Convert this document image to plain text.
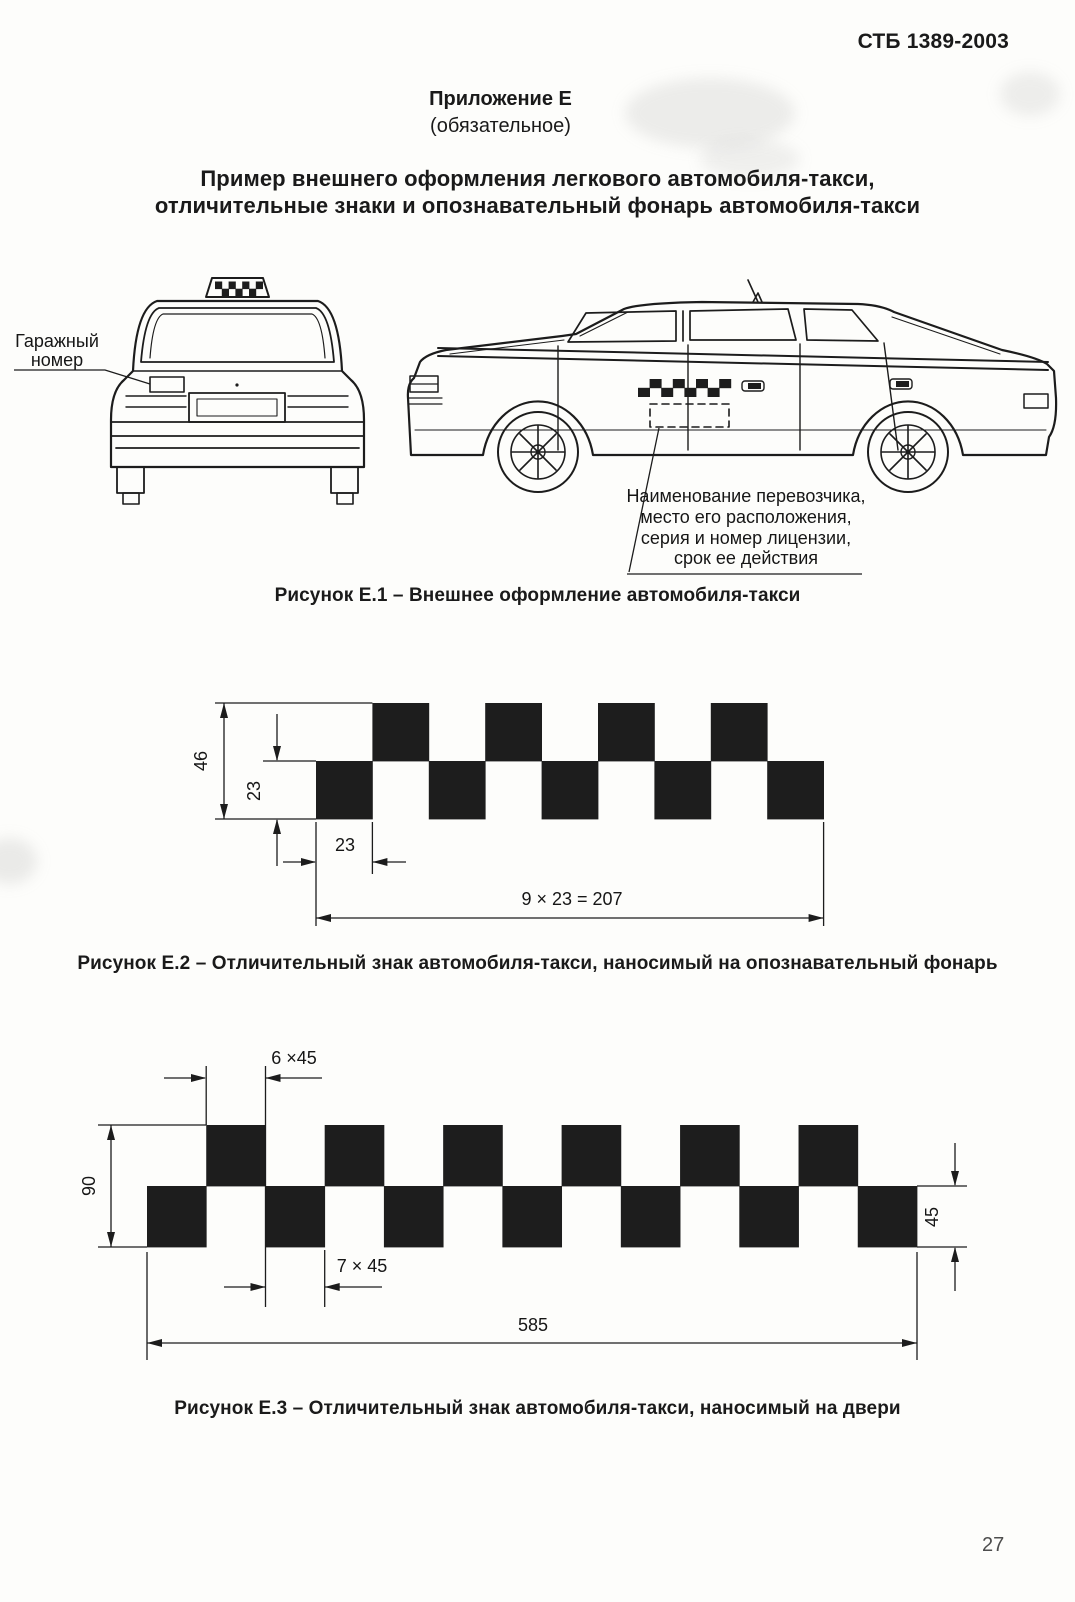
СТБ 1389-2003
Приложение Е
(обязательное)
Пример внешнего оформления легкового автомобиля-такси,
отличительные знаки и опознавательный фонарь автомобиля-такси
Гаражный
номер
Наименование перевозчика,
место его расположения,
серия и номер лицензии,
срок ее действия
Рисунок Е.1 – Внешнее оформление автомобиля-такси
46
23
23
9 × 23 = 207
Рисунок Е.2 – Отличительный знак автомобиля-такси, наносимый на опознавательный фонарь
6 ×45
90
45
7 × 45
585
Рисунок Е.3 – Отличительный знак автомобиля-такси, наносимый на двери
27
